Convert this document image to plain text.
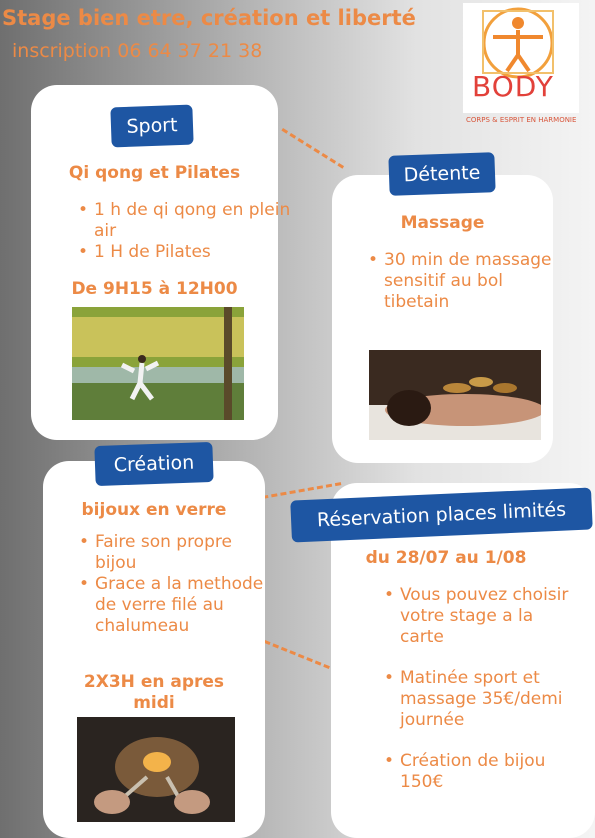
Stage bien etre, création et liberté
inscription 06 64 37 21 38
BODY
CORPS & ESPRIT EN HARMONIE
Sport
Qi qong et Pilates
• 1 h de qi qong en plein air
• 1 H de Pilates
De 9H15 à 12H00
Détente
Massage
• 30 min de massage sensitif au bol tibetain
Création
bijoux en verre
• Faire son propre bijou
• Grace a la methode de verre filé au chalumeau
2X3H en apres midi
Réservation places limités
du 28/07 au 1/08
• Vous pouvez choisir votre stage a la carte
• Matinée sport et massage 35€/demi journée
• Création de bijou 150€
